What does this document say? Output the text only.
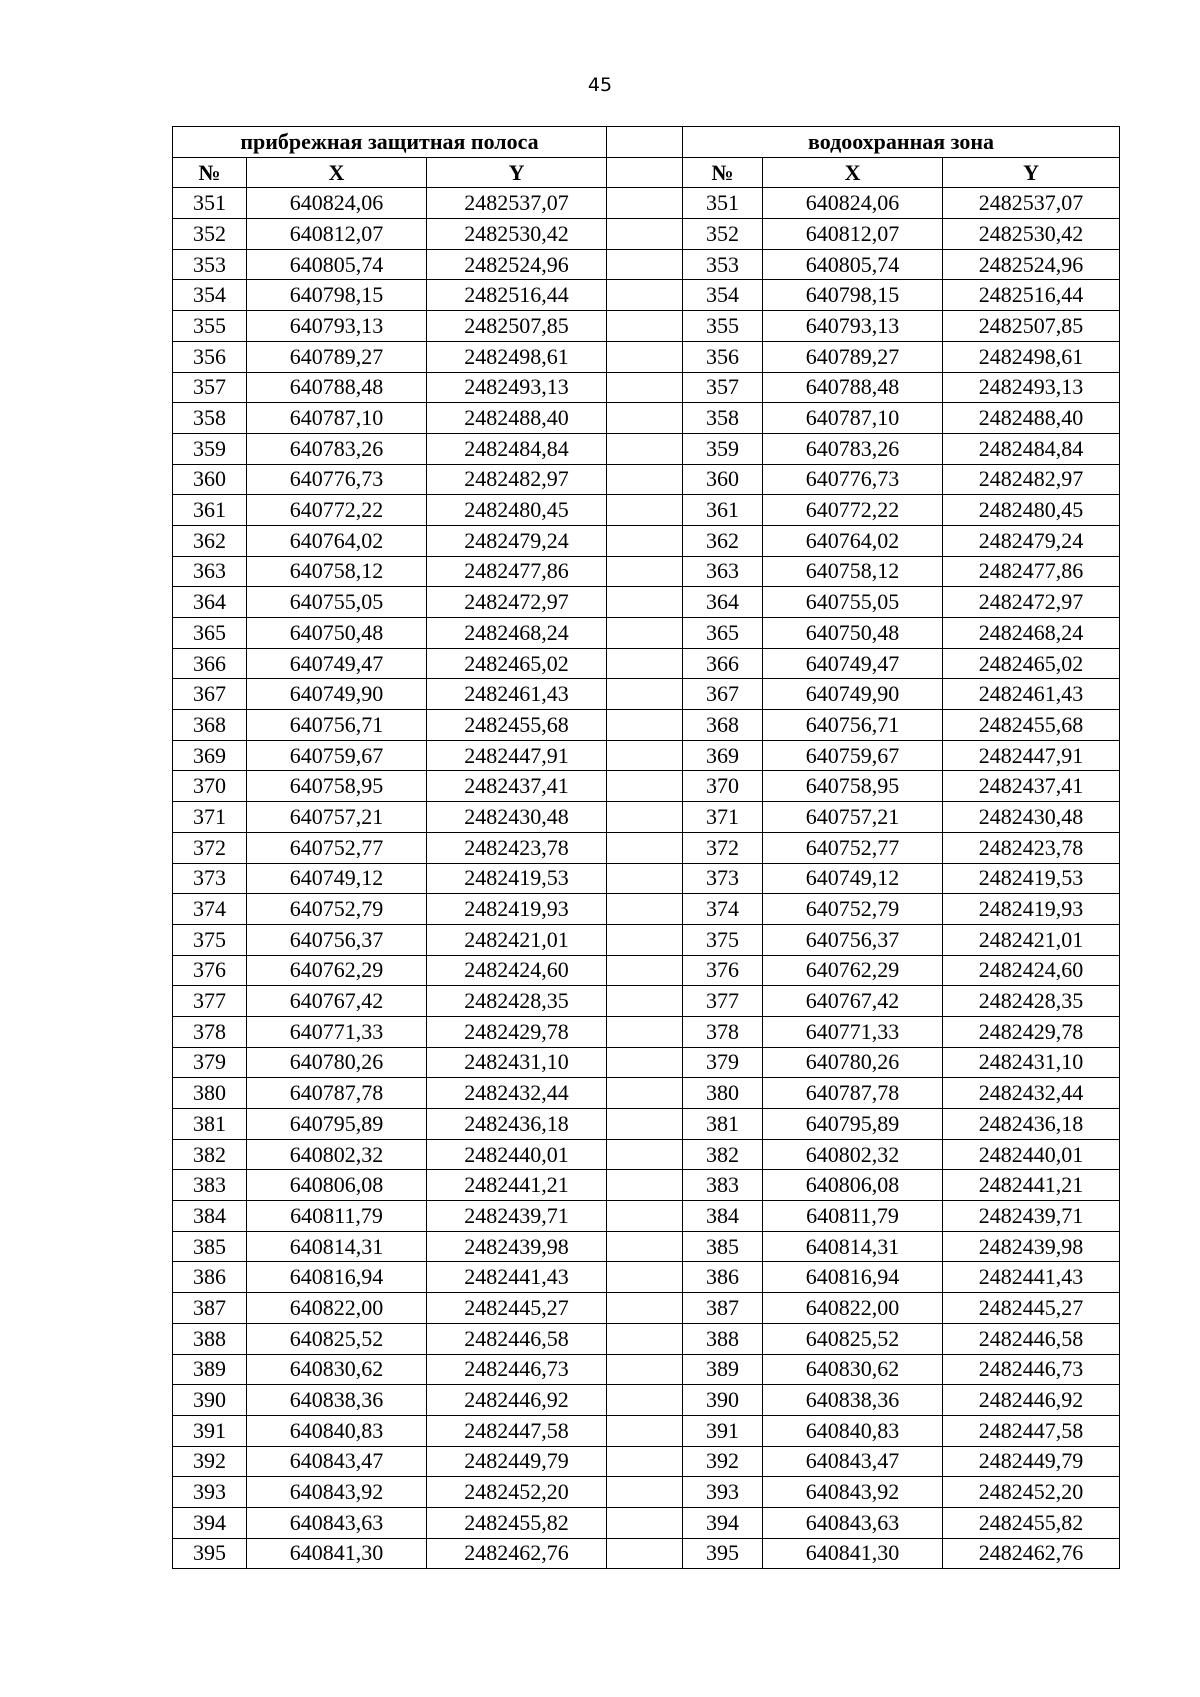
45
прибрежная защитная полоса				водоохранная зона		
№	X	Y		№	X	Y
351	640824,06	2482537,07		351	640824,06	2482537,07
352	640812,07	2482530,42		352	640812,07	2482530,42
353	640805,74	2482524,96		353	640805,74	2482524,96
354	640798,15	2482516,44		354	640798,15	2482516,44
355	640793,13	2482507,85		355	640793,13	2482507,85
356	640789,27	2482498,61		356	640789,27	2482498,61
357	640788,48	2482493,13		357	640788,48	2482493,13
358	640787,10	2482488,40		358	640787,10	2482488,40
359	640783,26	2482484,84		359	640783,26	2482484,84
360	640776,73	2482482,97		360	640776,73	2482482,97
361	640772,22	2482480,45		361	640772,22	2482480,45
362	640764,02	2482479,24		362	640764,02	2482479,24
363	640758,12	2482477,86		363	640758,12	2482477,86
364	640755,05	2482472,97		364	640755,05	2482472,97
365	640750,48	2482468,24		365	640750,48	2482468,24
366	640749,47	2482465,02		366	640749,47	2482465,02
367	640749,90	2482461,43		367	640749,90	2482461,43
368	640756,71	2482455,68		368	640756,71	2482455,68
369	640759,67	2482447,91		369	640759,67	2482447,91
370	640758,95	2482437,41		370	640758,95	2482437,41
371	640757,21	2482430,48		371	640757,21	2482430,48
372	640752,77	2482423,78		372	640752,77	2482423,78
373	640749,12	2482419,53		373	640749,12	2482419,53
374	640752,79	2482419,93		374	640752,79	2482419,93
375	640756,37	2482421,01		375	640756,37	2482421,01
376	640762,29	2482424,60		376	640762,29	2482424,60
377	640767,42	2482428,35		377	640767,42	2482428,35
378	640771,33	2482429,78		378	640771,33	2482429,78
379	640780,26	2482431,10		379	640780,26	2482431,10
380	640787,78	2482432,44		380	640787,78	2482432,44
381	640795,89	2482436,18		381	640795,89	2482436,18
382	640802,32	2482440,01		382	640802,32	2482440,01
383	640806,08	2482441,21		383	640806,08	2482441,21
384	640811,79	2482439,71		384	640811,79	2482439,71
385	640814,31	2482439,98		385	640814,31	2482439,98
386	640816,94	2482441,43		386	640816,94	2482441,43
387	640822,00	2482445,27		387	640822,00	2482445,27
388	640825,52	2482446,58		388	640825,52	2482446,58
389	640830,62	2482446,73		389	640830,62	2482446,73
390	640838,36	2482446,92		390	640838,36	2482446,92
391	640840,83	2482447,58		391	640840,83	2482447,58
392	640843,47	2482449,79		392	640843,47	2482449,79
393	640843,92	2482452,20		393	640843,92	2482452,20
394	640843,63	2482455,82		394	640843,63	2482455,82
395	640841,30	2482462,76		395	640841,30	2482462,76
